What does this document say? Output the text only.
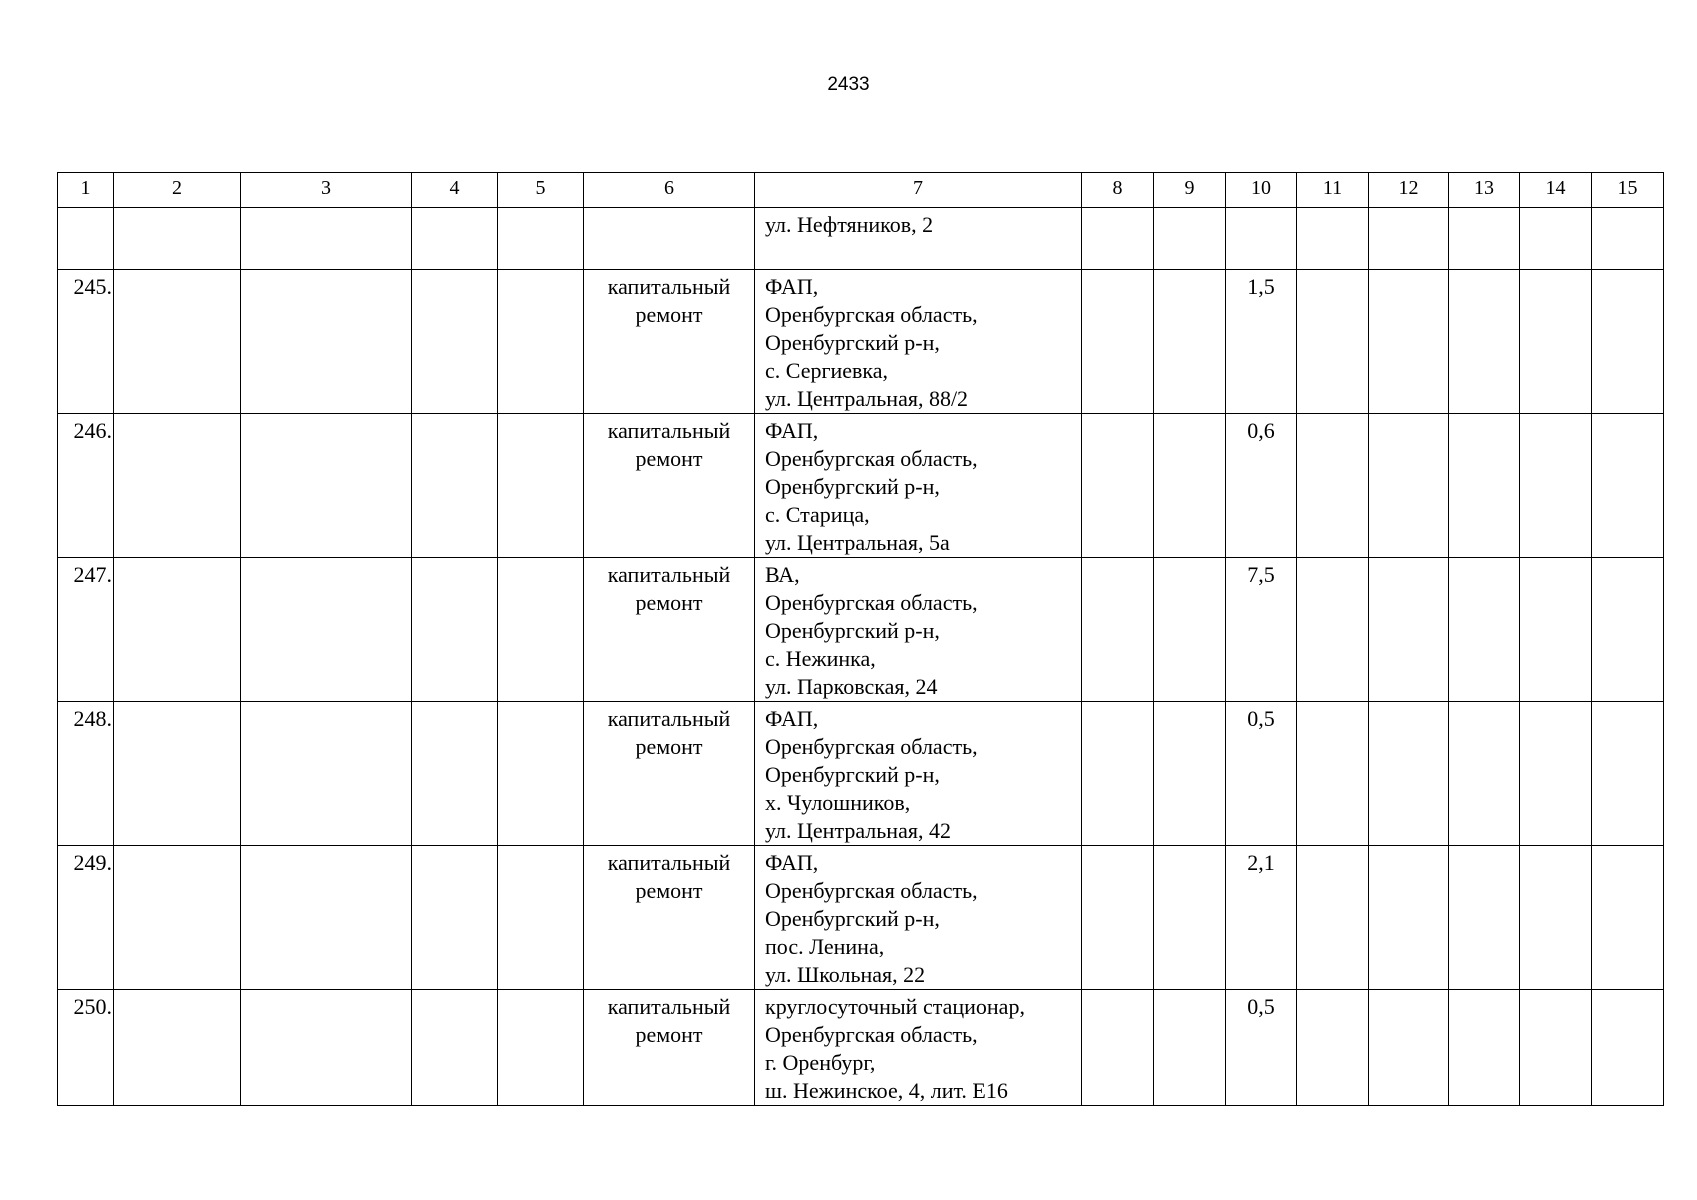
2433
1	2	3	4	5	6	7	8	9	10	11	12	13	14	15

						ул. Нефтяников, 2								

245.					капитальный
ремонт	ФАП,
Оренбургская область,
Оренбургский р-н,
с. Сергиевка,
ул. Центральная, 88/2			1,5					
246.					капитальный
ремонт	ФАП,
Оренбургская область,
Оренбургский р-н,
с. Старица,
ул. Центральная, 5а			0,6					
247.					капитальный
ремонт	ВА,
Оренбургская область,
Оренбургский р-н,
с. Нежинка,
ул. Парковская, 24			7,5					
248.					капитальный
ремонт	ФАП,
Оренбургская область,
Оренбургский р-н,
х. Чулошников,
ул. Центральная, 42			0,5					
249.					капитальный
ремонт	ФАП,
Оренбургская область,
Оренбургский р-н,
пос. Ленина,
ул. Школьная, 22			2,1					
250.					капитальный
ремонт	круглосуточный стационар,
Оренбургская область,
г. Оренбург,
ш. Нежинское, 4, лит. Е16			0,5					
